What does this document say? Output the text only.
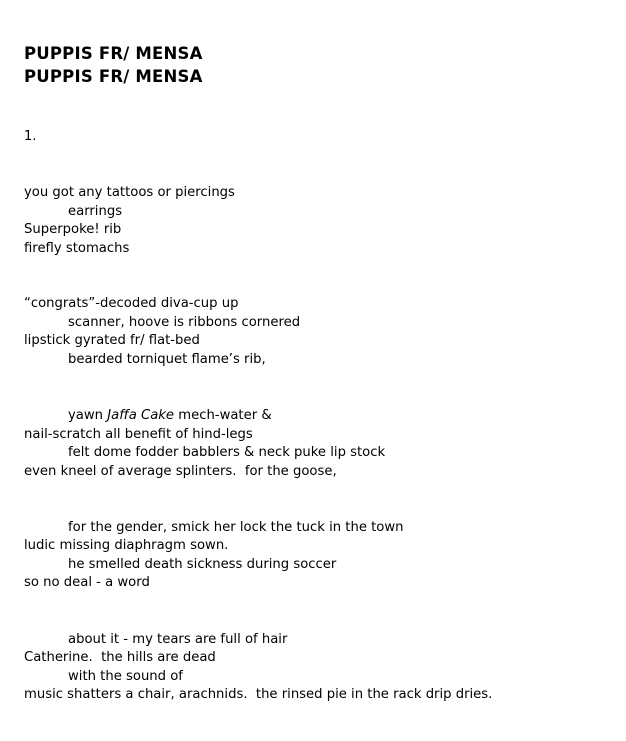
PUPPIS FR/ MENSA
PUPPIS FR/ MENSA
1.
you got any tattoos or piercings
earrings
Superpoke! rib
firefly stomachs
“congrats”-decoded diva-cup up
scanner, hoove is ribbons cornered
lipstick gyrated fr/ flat-bed
bearded torniquet flame’s rib,
yawn Jaffa Cake mech-water &
nail-scratch all benefit of hind-legs
felt dome fodder babblers & neck puke lip stock
even kneel of average splinters.  for the goose,
for the gender, smick her lock the tuck in the town
ludic missing diaphragm sown.
he smelled death sickness during soccer
so no deal - a word
about it - my tears are full of hair
Catherine.  the hills are dead
with the sound of
music shatters a chair, arachnids.  the rinsed pie in the rack drip dries.
